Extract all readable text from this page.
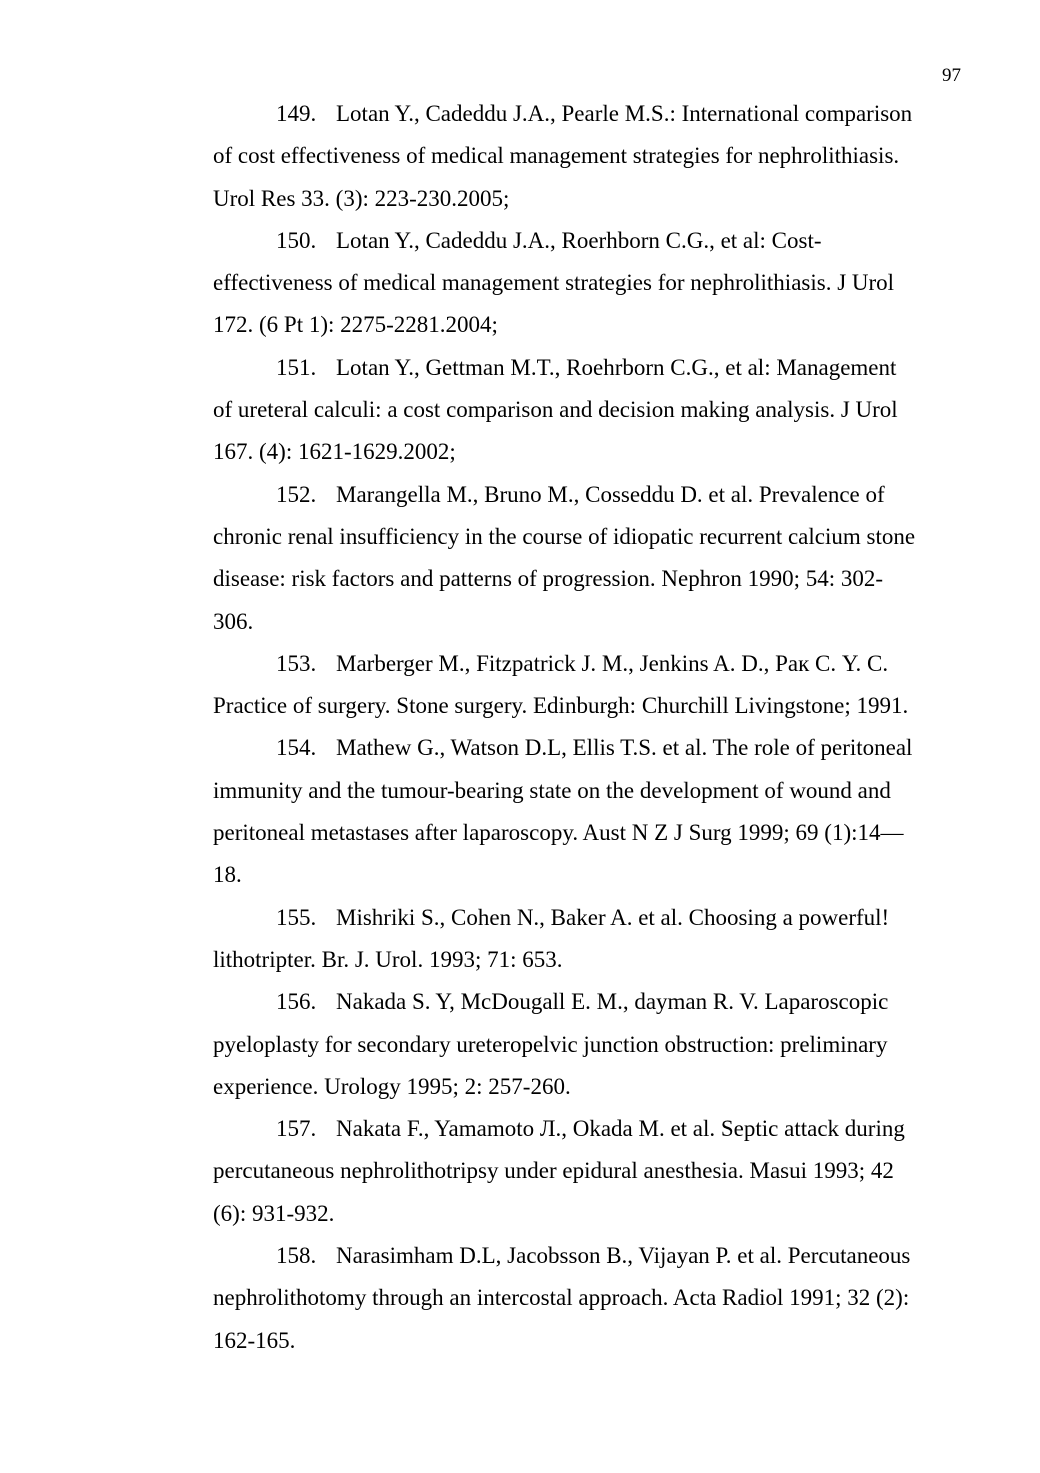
97

149. Lotan Y., Cadeddu J.A., Pearle M.S.: International comparison
of cost effectiveness of medical management strategies for nephrolithiasis.
Urol Res 33. (3): 223-230.2005;

150. Lotan Y., Cadeddu J.A., Roerhborn C.G., et al: Cost-
effectiveness of medical management strategies for nephrolithiasis. J Urol
172. (6 Pt 1): 2275-2281.2004;

151. Lotan Y., Gettman M.T., Roehrborn C.G., et al: Management
of ureteral calculi: a cost comparison and decision making analysis. J Urol
167. (4): 1621-1629.2002;

152. Marangella M., Bruno M., Cosseddu D. et al. Prevalence of
chronic renal insufficiency in the course of idiopatic recurrent calcium stone
disease: risk factors and patterns of progression. Nephron 1990; 54: 302-
306.

153. Marberger M., Fitzpatrick J. M., Jenkins A. D., Рак С. Y. C.
Practice of surgery. Stone surgery. Edinburgh: Churchill Livingstone; 1991.

154. Mathew G., Watson D.L, Ellis T.S. et al. The role of peritoneal
immunity and the tumour-bearing state on the development of wound and
peritoneal metastases after laparoscopy. Aust N Z J Surg 1999; 69 (1):14—
18.

155. Mishriki S., Cohen N., Baker A. et al. Choosing a powerful!
lithotripter. Br. J. Urol. 1993; 71: 653.

156. Nakada S. Y, McDougall E. M., dayman R. V. Laparoscopic
pyeloplasty for secondary ureteropelvic junction obstruction: preliminary
experience. Urology 1995; 2: 257-260.

157. Nakata F., Yamamoto Л., Okada M. et al. Septic attack during
percutaneous nephrolithotripsy under epidural anesthesia. Masui 1993; 42
(6): 931-932.

158. Narasimham D.L, Jacobsson B., Vijayan P. et al. Percutaneous
nephrolithotomy through an intercostal approach. Acta Radiol 1991; 32 (2):
162-165.
